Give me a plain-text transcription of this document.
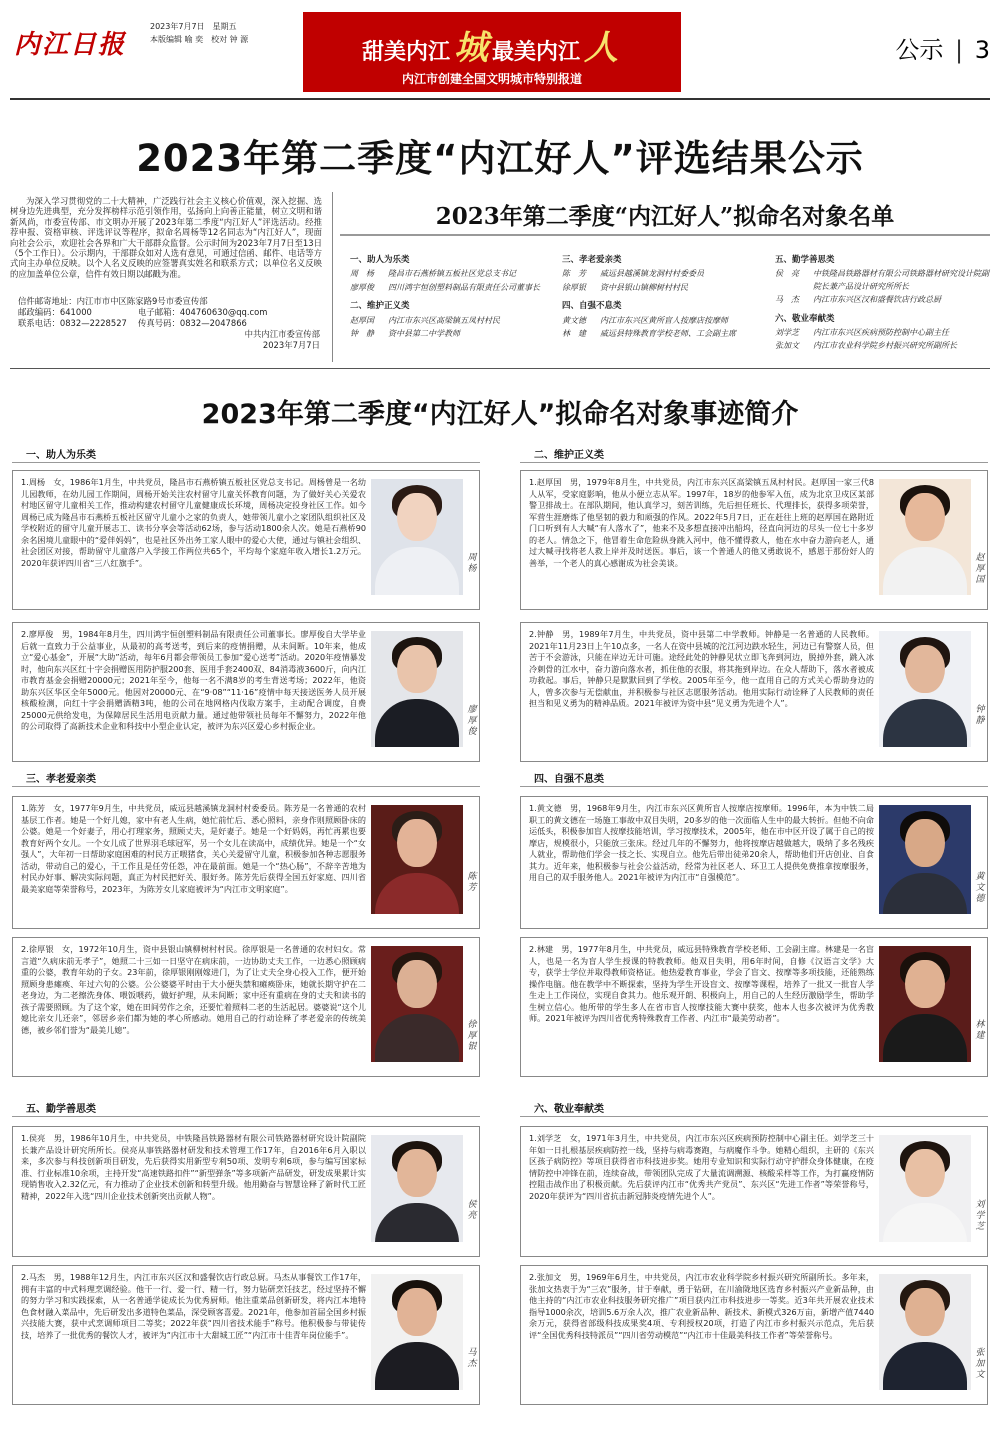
内江日报
2023年7月7日　星期五
本版编辑 喻 奕　校对 钟 源
甜美内江 城 最美内江 人
内江市创建全国文明城市特别报道
公示 | 3
2023年第二季度“内江好人”评选结果公示
为深入学习贯彻党的二十大精神，广泛践行社会主义核心价值观，深入挖掘、选树身边先进典型，充分发挥榜样示范引领作用，弘扬向上向善正能量，树立文明和谐新风尚，市委宣传部、市文明办开展了2023年第二季度“内江好人”评选活动。经推荐申报、资格审核、评选评议等程序，拟命名周杨等12名同志为“内江好人”，现面向社会公示，欢迎社会各界和广大干部群众监督。公示时间为2023年7月7日至13日（5个工作日）。公示期内，干部群众如对人选有意见，可通过信函、邮件、电话等方式向主办单位反映。以个人名义反映的应签署真实姓名和联系方式；以单位名义反映的应加盖单位公章，信件有效日期以邮戳为准。
信件邮寄地址：内江市市中区陈家路9号市委宣传部
邮政编码：641000	电子邮箱：404760630@qq.com
联系电话：0832—2228527 传真号码：0832—2047866
中共内江市委宣传部
2023年7月7日
2023年第二季度“内江好人”拟命名对象名单
一、助人为乐类
周　杨	隆昌市石燕桥镇五板社区党总支书记
廖厚俊	四川鸿宇恒创塑料制品有限责任公司董事长
二、维护正义类
赵厚国	内江市东兴区高梁镇五凤村村民
钟　静	资中县第二中学教师
三、孝老爱亲类
陈　芳	威远县越溪镇龙洞村村委委员
徐厚银	资中县银山镇柳树村村民
四、自强不息类
黄文德	内江市东兴区黄所盲人按摩店按摩师
林　建	威远县特殊教育学校老师、工会副主席
五、勤学善思类
侯　亮	中铁隆昌铁路器材有限公司铁路器材研究设计院副院长兼产品设计研究所所长
马　杰	内江市东兴区汉和盛餐饮店行政总厨
六、敬业奉献类
刘学芝	内江市东兴区疾病预防控制中心副主任
张加文	内江市农业科学院乡村振兴研究所副所长
2023年第二季度“内江好人”拟命名对象事迹简介
一、助人为乐类
1.周杨　女，1986年1月生，中共党员，隆昌市石燕桥镇五板社区党总支书记。周杨曾是一名幼儿园教师，在幼儿园工作期间，周杨开始关注农村留守儿童关怀教育问题，为了做好关心关爱农村地区留守儿童相关工作，推动构建农村留守儿童健康成长环境，周杨决定投身社区工作。如今周杨已成为隆昌市石燕桥五板社区留守儿童小之家的负责人，她带领儿童小之家团队组织社区及学校附近的留守儿童开展志工、读书分享会等活动62场，参与活动1800余人次。她是石燕桥90余名困境儿童眼中的“爱伴妈妈”，也是社区外出务工家人眼中的爱心大使，通过与镇社会组织、社会团区对接，帮助留守儿童落户入学接工作两位共65个，平均每个家庭年收入增长1.2万元。2020年获评四川省“三八红旗手”。	周杨
2.廖厚俊　男，1984年8月生，四川鸿宇恒创塑料制品有限责任公司董事长。廖厚俊自大学毕业后就一直致力于公益事业，从最初的高考送考，到后来的疫情捐赠，从未间断。10年来，他成立“爱心基金”，开展“大助”活动，每年6月都会带领员工参加“爱心送考”活动。2020年疫情暴发时，他向东兴区红十字会捐赠医用防护服200套、医用手套2400双、84消毒液3600斤，向内江市教育基金会捐赠20000元；2021年至今，他每一名不满8岁的考生背送考场；2022年，他资助东兴区华区全年5000元。他因对20000元、在“9·08”“11·16”疫情中每天接送医务人员开展核酸检测，向红十字会捐赠酒精3吨，他的公司在地网格内伐取方案手，主动配合调度，自费25000元供给发电，为保障居民生活用电贡献力量。通过他带领社员每年不懈努力，2022年他的公司取得了高新技术企业和科技中小型企业认定，被评为东兴区爱心乡村振企业。
廖厚俊
二、维护正义类
1.赵厚国　男，1979年8月生，中共党员，内江市东兴区高梁镇五凤村村民。赵厚国一家三代8人从军，受家庭影响，他从小便立志从军。1997年，18岁的他参军入伍，成为北京卫戍区某部警卫排战士。在部队期间，他认真学习，刻苦训练，先后担任班长、代理排长，获得多项荣誉，军营生涯磨炼了他坚韧的毅力和顽强的作风。2022年5月7日，正在赶往上班的赵厚国在路附近门口听到有人大喊“有人落水了”，他来不及多想直接冲出船坞，径直向河边的尽头一位七十多岁的老人。情急之下，他冒着生命危险纵身跳入河中，他不懂得救人，他在水中奋力游向老人，通过大喊寻找将老人救上岸并及时送医。事后，该一个普通人的他又勇敢说不，感恩于那份好人的善举，一个老人的真心感谢成为社会美谈。	赵厚国
2.钟静　男，1989年7月生，中共党员，资中县第二中学教师。钟静是一名普通的人民教师。2021年11月23日上午10点多，一名人在资中县城的沱江河边跌水轻生，河边已有警察人员，但苦于不会游泳，只能在岸边无计可施。途经此处的钟静见状立即飞奔到河边，脱掉外套，跳入冰冷刺骨的江水中，奋力游向落水者，抓住他的衣服，将其拖到岸边。在众人帮助下，落水者被成功救起。事后，钟静只是默默回到了学校。2005年至今，他一直用自己的方式关心帮助身边的人，曾多次参与无偿献血，并积极参与社区志愿服务活动。他用实际行动诠释了人民教师的责任担当和见义勇为的精神品质。2021年被评为资中县“见义勇为先进个人”。
钟静
三、孝老爱亲类
1.陈芳　女，1977年9月生，中共党员，威远县越溪镇龙洞村村委委员。陈芳是一名普通的农村基层工作者。她是一个好儿媳，家中有老人生病，她忙前忙后、悉心照料，亲身作则照顾卧床的公婆。她是一个好妻子，用心打理家务，照顾丈夫，是好妻子。她是一个好妈妈，再忙再累也要教育好两个女儿。一个女儿成了世界羽毛球冠军，另一个女儿在读高中，成绩优异。她是一个“女强人”，大年初一日帮助家庭困难的村民方正喂猪食，关心关爱留守儿童，积极参加各种志愿服务活动，带动自己的爱心，干工作且是任劳任怨，冲在最前面。她是一个“热心肠”，不辞辛苦地为村民办好事、解决实际问题，真正为村民把好关、服好务。陈芳先后获得全国五好家庭、四川省最美家庭等荣誉称号，2023年，为陈芳女儿家庭被评为“内江市文明家庭”。
陈芳
2.徐厚银　女，1972年10月生，资中县银山镇柳树村村民。徐厚银是一名普通的农村妇女。常言道“久病床前无孝子”，她照二十三如一日坚守在病床前，一边协助丈夫工作，一边悉心照顾病重的公婆，教育年幼的子女。23年前，徐厚银刚刚嫁进门，为了让丈夫全身心投入工作，便开始照顾身患瘫痪、年过六旬的公婆。公公婆婆平时由于大小便失禁和瘫痪卧床，她就长期守护在二老身边，为二老擦洗身体、喂饭喂药，做好护理，从未间断；家中还有重病在身的丈夫和读书的孩子需要照顾。为了这个家，她在田间劳作之余，还要忙着照料二老的生活起居。婆婆说“这个儿媳比亲女儿还亲”，邻居乡亲们都为她的孝心所感动。她用自己的行动诠释了孝老爱亲的传统美德，被乡邻们誉为“最美儿媳”。	徐厚银
四、自强不息类
1.黄文德　男，1968年9月生，内江市东兴区黄所盲人按摩店按摩师。1996年，本为中铁二局职工的黄文德在一场施工事故中双目失明，20多岁的他一次面临人生中的最大转折。但他不向命运低头，积极参加盲人按摩技能培训，学习按摩技术，2005年，他在市中区开设了属于自己的按摩店，规模很小，只能放三张床。经过几年的不懈努力，他将按摩店越做越大，吸纳了多名残疾人就业，帮助他们学会一技之长、实现自立。他先后带出徒弟20余人，帮助他们开店创业、自食其力。近年来，他积极参与社会公益活动，经常为社区老人、环卫工人提供免费推拿按摩服务，用自己的双手服务他人。2021年被评为内江市“自强模范”。	黄文德
2.林建　男，1977年8月生，中共党员，威远县特殊教育学校老师、工会副主席。林建是一名盲人，也是一名为盲人学生授课的特教教师。他双目失明，用6年时间，自修《汉语言文学》大专，获学士学位并取得教师资格证。他热爱教育事业，学会了盲文、按摩等多项技能，还能熟练操作电脑。他在教学中不断探索，坚持为学生开设盲文、按摩等课程，培养了一批又一批盲人学生走上工作岗位，实现自食其力。他乐观开朗、积极向上，用自己的人生经历激励学生，帮助学生树立信心。他所带的学生多人在省市盲人按摩技能大赛中获奖，他本人也多次被评为优秀教师。2021年被评为四川省优秀特殊教育工作者、内江市“最美劳动者”。
林建
五、勤学善思类
1.侯亮　男，1986年10月生，中共党员，中铁隆昌铁路器材有限公司铁路器材研究设计院副院长兼产品设计研究所所长。侯亮从事铁路器材研发和技术管理工作17年，自2016年6月入职以来，多次参与科技创新项目研发，先后获得实用新型专利50项、发明专利6项，参与编写国家标准、行业标准10余项，主持开发“高速铁路扣件”“新型弹条”等多项新产品研发，研发成果累计实现销售收入2.32亿元，有力推动了企业技术创新和转型升级。他用勤奋与智慧诠释了新时代工匠精神，2022年入选“四川企业技术创新突出贡献人物”。
侯亮
2.马杰　男，1988年12月生，内江市东兴区汉和盛餐饮店行政总厨。马杰从事餐饮工作17年，拥有丰富的中式料理烹调经验。他干一行、爱一行、精一行，努力钻研烹饪技艺，经过坚持不懈的努力学习和实践探索，从一名普通学徒成长为优秀厨师。他注重菜品创新研发，将内江本地特色食材融入菜品中，先后研发出多道特色菜品，深受顾客喜爱。2021年，他参加首届全国乡村振兴技能大赛，获中式烹调师项目二等奖；2022年获“四川省技术能手”称号。他积极参与带徒传技，培养了一批优秀的餐饮人才，被评为“内江市十大甜城工匠”“内江市十佳青年岗位能手”。
马杰
六、敬业奉献类
1.刘学芝　女，1971年3月生，中共党员，内江市东兴区疾病预防控制中心副主任。刘学芝三十年如一日扎根基层疾病防控一线，坚持与病毒赛跑，与病魔作斗争。她精心组织，主研的《东兴区孩子病防控》等项目获得省市科技进步奖。她用专业知识和实际行动守护群众身体健康，在疫情防控中冲锋在前，连续奋战，带领团队完成了大量流调溯源、核酸采样等工作，为打赢疫情防控阻击战作出了积极贡献。先后获评内江市“优秀共产党员”、东兴区“先进工作者”等荣誉称号，2020年获评为“四川省抗击新冠肺炎疫情先进个人”。
刘学芝
2.张加文　男，1969年6月生，中共党员，内江市农业科学院乡村振兴研究所副所长。多年来，张加文热衷于为“三农”服务，甘于奉献，勇于钻研，在川渝陇地区选育乡村振兴产业新品种，由他主持的“内江市农业科技服务研究推广”项目获内江市科技进步一等奖。近3年共开展农业技术指导1000余次，培训5.6万余人次，推广农业新品种、新技术、新模式326万亩，新增产值7440余万元，获得省部级科技成果奖4项、专利授权20项，打造了内江市乡村振兴示范点，先后获评“全国优秀科技特派员”“四川省劳动模范”“内江市十佳最美科技工作者”等荣誉称号。
张加文
